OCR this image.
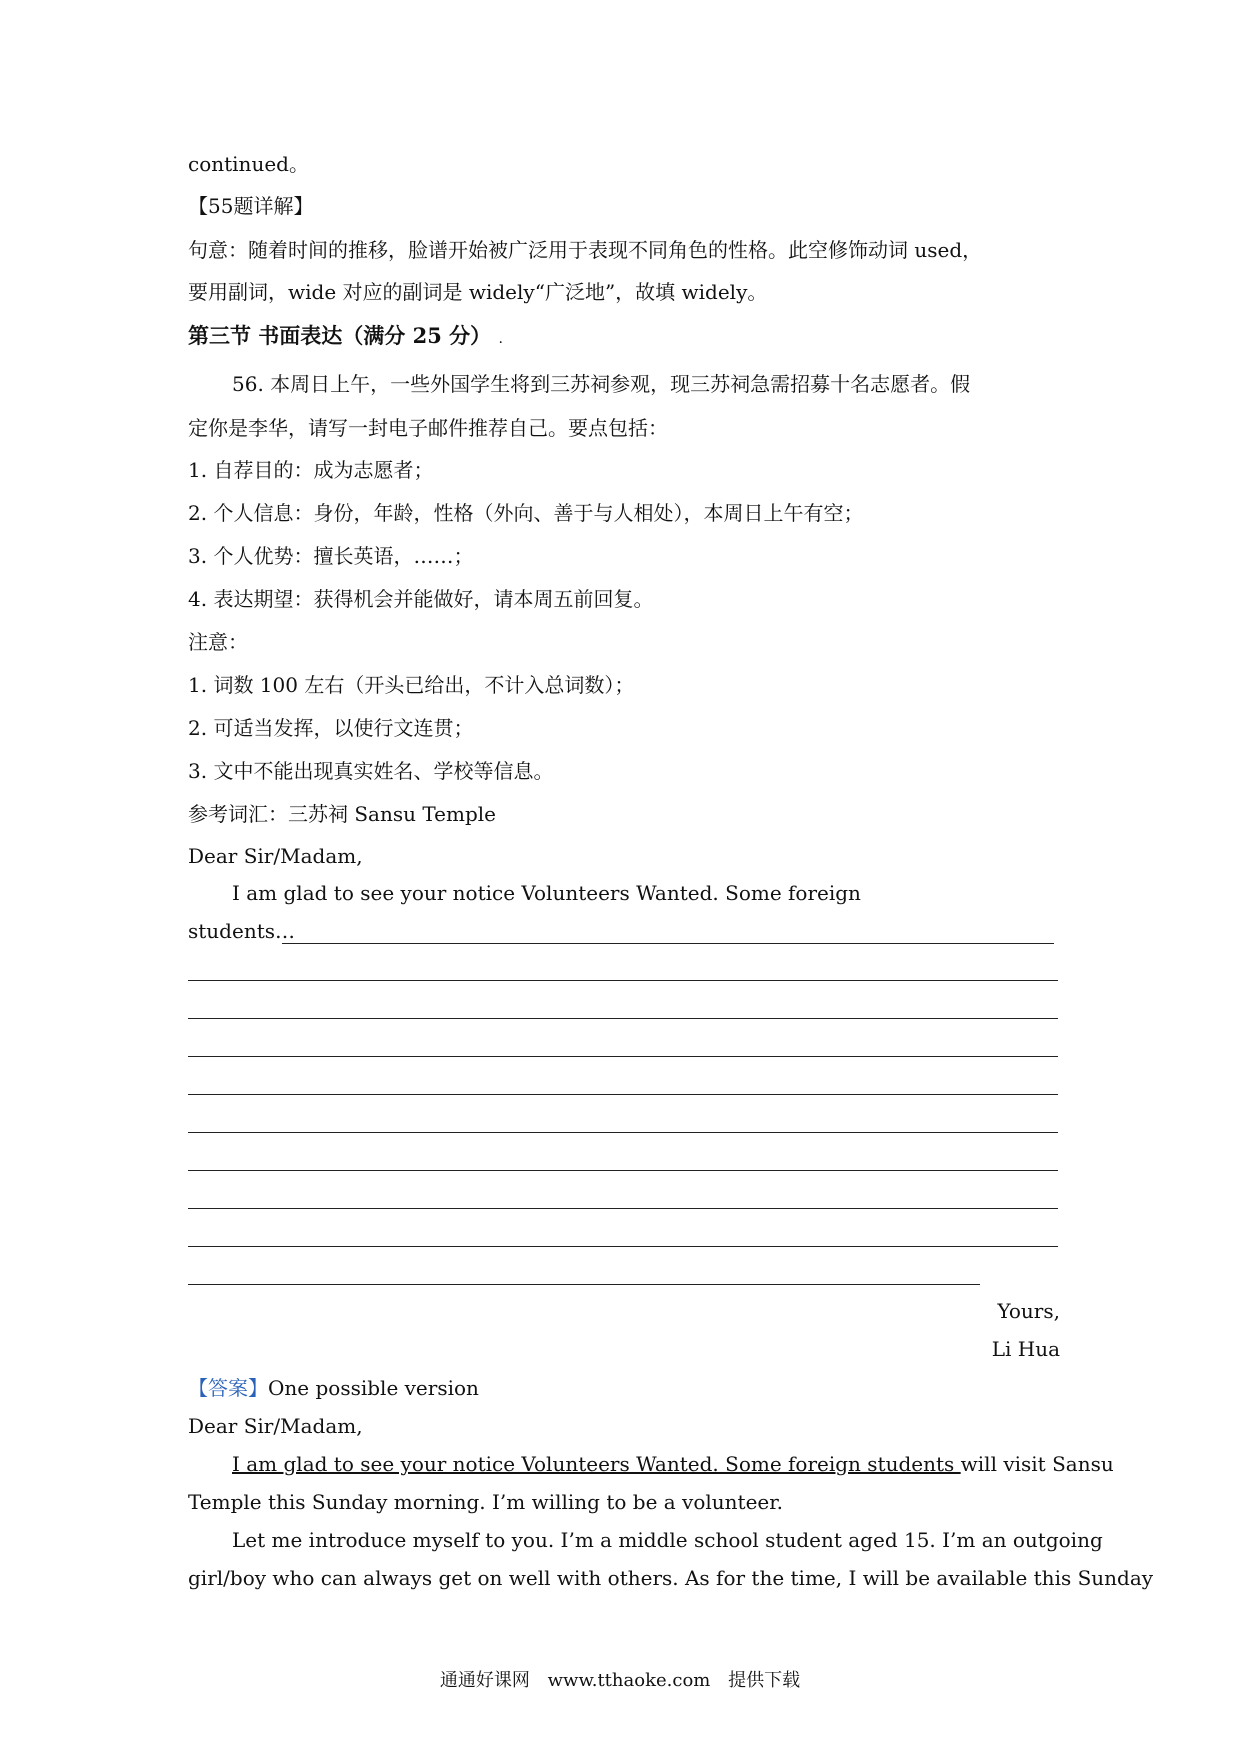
continued。
【55题详解】
句意：随着时间的推移，脸谱开始被广泛用于表现不同角色的性格。此空修饰动词 used，
要用副词，wide 对应的副词是 widely“广泛地”，故填 widely。
第三节 书面表达（满分 25 分） .
56. 本周日上午，一些外国学生将到三苏祠参观，现三苏祠急需招募十名志愿者。假
定你是李华，请写一封电子邮件推荐自己。要点包括：
1. 自荐目的：成为志愿者；
2. 个人信息：身份，年龄，性格（外向、善于与人相处），本周日上午有空；
3. 个人优势：擅长英语，……；
4. 表达期望：获得机会并能做好，请本周五前回复。
注意：
1. 词数 100 左右（开头已给出，不计入总词数）；
2. 可适当发挥，以使行文连贯；
3. 文中不能出现真实姓名、学校等信息。
参考词汇：三苏祠 Sansu Temple
Dear Sir/Madam,
I am glad to see your notice Volunteers Wanted. Some foreign
students…
Yours,
Li Hua
【答案】One possible version
Dear Sir/Madam,
I am glad to see your notice Volunteers Wanted. Some foreign students will visit Sansu
Temple this Sunday morning. I’m willing to be a volunteer.
Let me introduce myself to you. I’m a middle school student aged 15. I’m an outgoing
girl/boy who can always get on well with others. As for the time, I will be available this Sunday
通通好课网 www.tthaoke.com 提供下载
